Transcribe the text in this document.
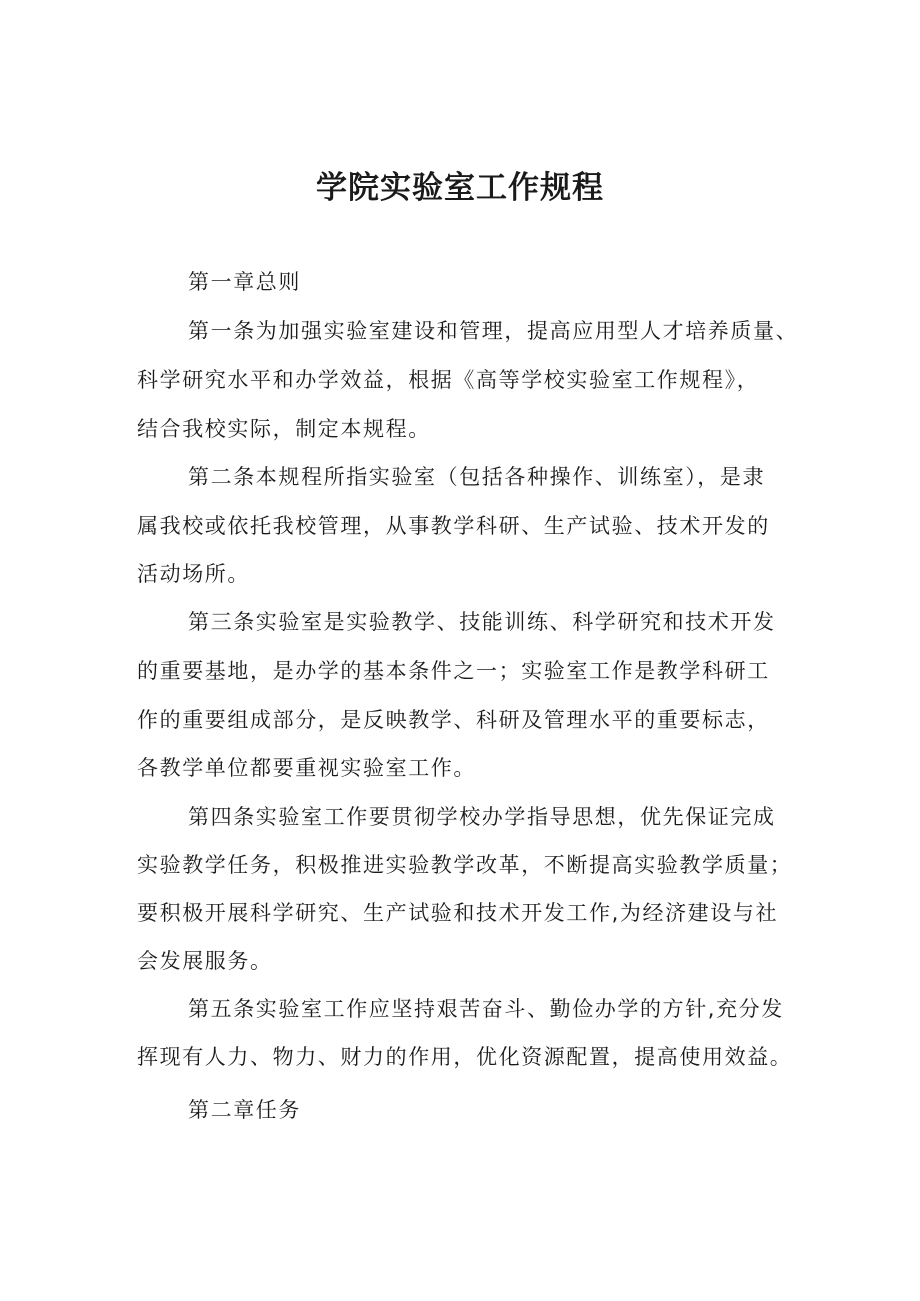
学院实验室工作规程

第一章总则

第一条为加强实验室建设和管理，提高应用型人才培养质量、

科学研究水平和办学效益，根据《高等学校实验室工作规程》，

结合我校实际，制定本规程。

第二条本规程所指实验室（包括各种操作、训练室），是隶

属我校或依托我校管理，从事教学科研、生产试验、技术开发的

活动场所。

第三条实验室是实验教学、技能训练、科学研究和技术开发

的重要基地，是办学的基本条件之一；实验室工作是教学科研工

作的重要组成部分，是反映教学、科研及管理水平的重要标志，

各教学单位都要重视实验室工作。

第四条实验室工作要贯彻学校办学指导思想，优先保证完成

实验教学任务，积极推进实验教学改革，不断提高实验教学质量；

要积极开展科学研究、生产试验和技术开发工作,为经济建设与社

会发展服务。

第五条实验室工作应坚持艰苦奋斗、勤俭办学的方针,充分发

挥现有人力、物力、财力的作用，优化资源配置，提高使用效益。

第二章任务
